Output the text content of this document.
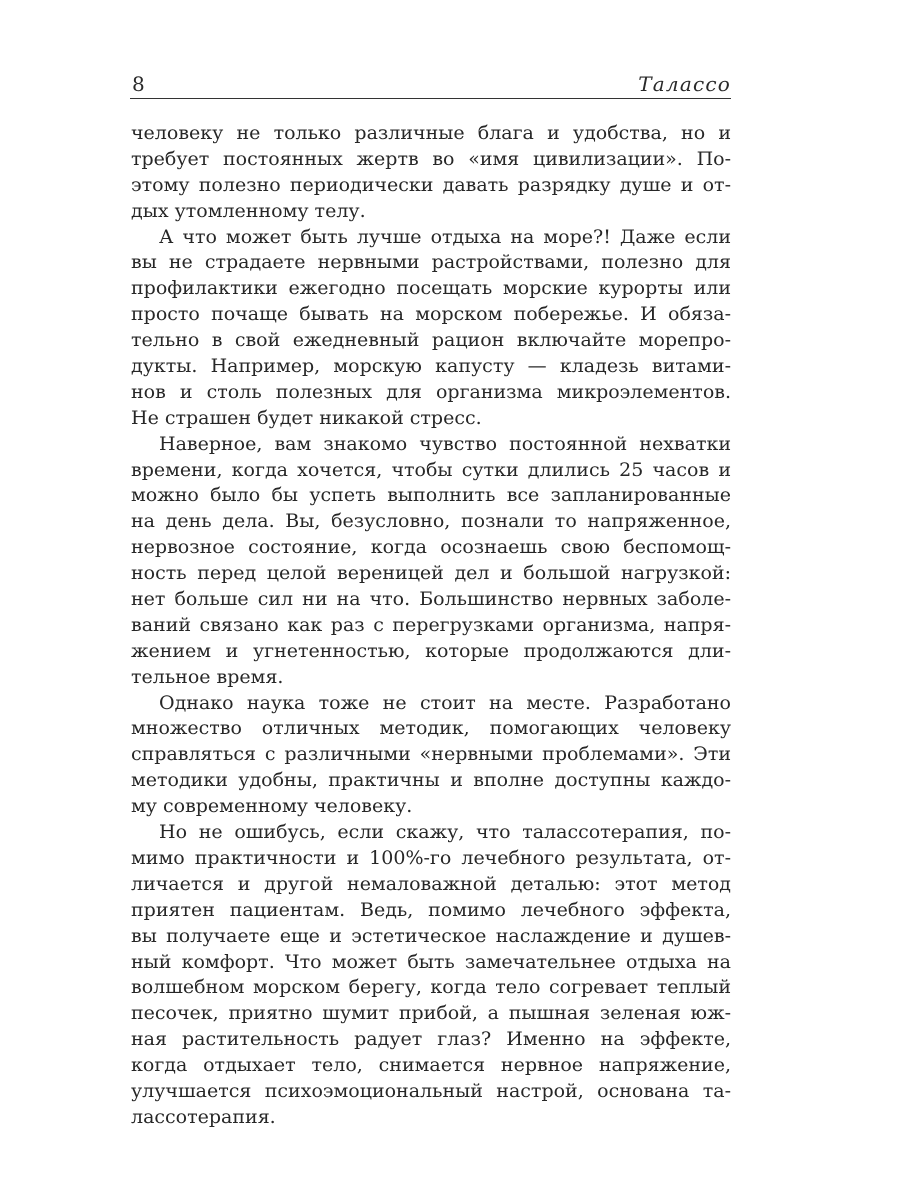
8	Талассо
человеку не только различные блага и удобства, но и
требует постоянных жертв во «имя цивилизации». По-
этому полезно периодически давать разрядку душе и от-
дых утомленному телу.
А что может быть лучше отдыха на море?! Даже если
вы не страдаете нервными растройствами, полезно для
профилактики ежегодно посещать морские курорты или
просто почаще бывать на морском побережье. И обяза-
тельно в свой ежедневный рацион включайте морепро-
дукты. Например, морскую капусту — кладезь витами-
нов и столь полезных для организма микроэлементов.
Не страшен будет никакой стресс.
Наверное, вам знакомо чувство постоянной нехватки
времени, когда хочется, чтобы сутки длились 25 часов и
можно было бы успеть выполнить все запланированные
на день дела. Вы, безусловно, познали то напряженное,
нервозное состояние, когда осознаешь свою беспомощ-
ность перед целой вереницей дел и большой нагрузкой:
нет больше сил ни на что. Большинство нервных заболе-
ваний связано как раз с перегрузками организма, напря-
жением и угнетенностью, которые продолжаются дли-
тельное время.
Однако наука тоже не стоит на месте. Разработано
множество отличных методик, помогающих человеку
справляться с различными «нервными проблемами». Эти
методики удобны, практичны и вполне доступны каждо-
му современному человеку.
Но не ошибусь, если скажу, что талассотерапия, по-
мимо практичности и 100%-го лечебного результата, от-
личается и другой немаловажной деталью: этот метод
приятен пациентам. Ведь, помимо лечебного эффекта,
вы получаете еще и эстетическое наслаждение и душев-
ный комфорт. Что может быть замечательнее отдыха на
волшебном морском берегу, когда тело согревает теплый
песочек, приятно шумит прибой, а пышная зеленая юж-
ная растительность радует глаз? Именно на эффекте,
когда отдыхает тело, снимается нервное напряжение,
улучшается психоэмоциональный настрой, основана та-
лассотерапия.
